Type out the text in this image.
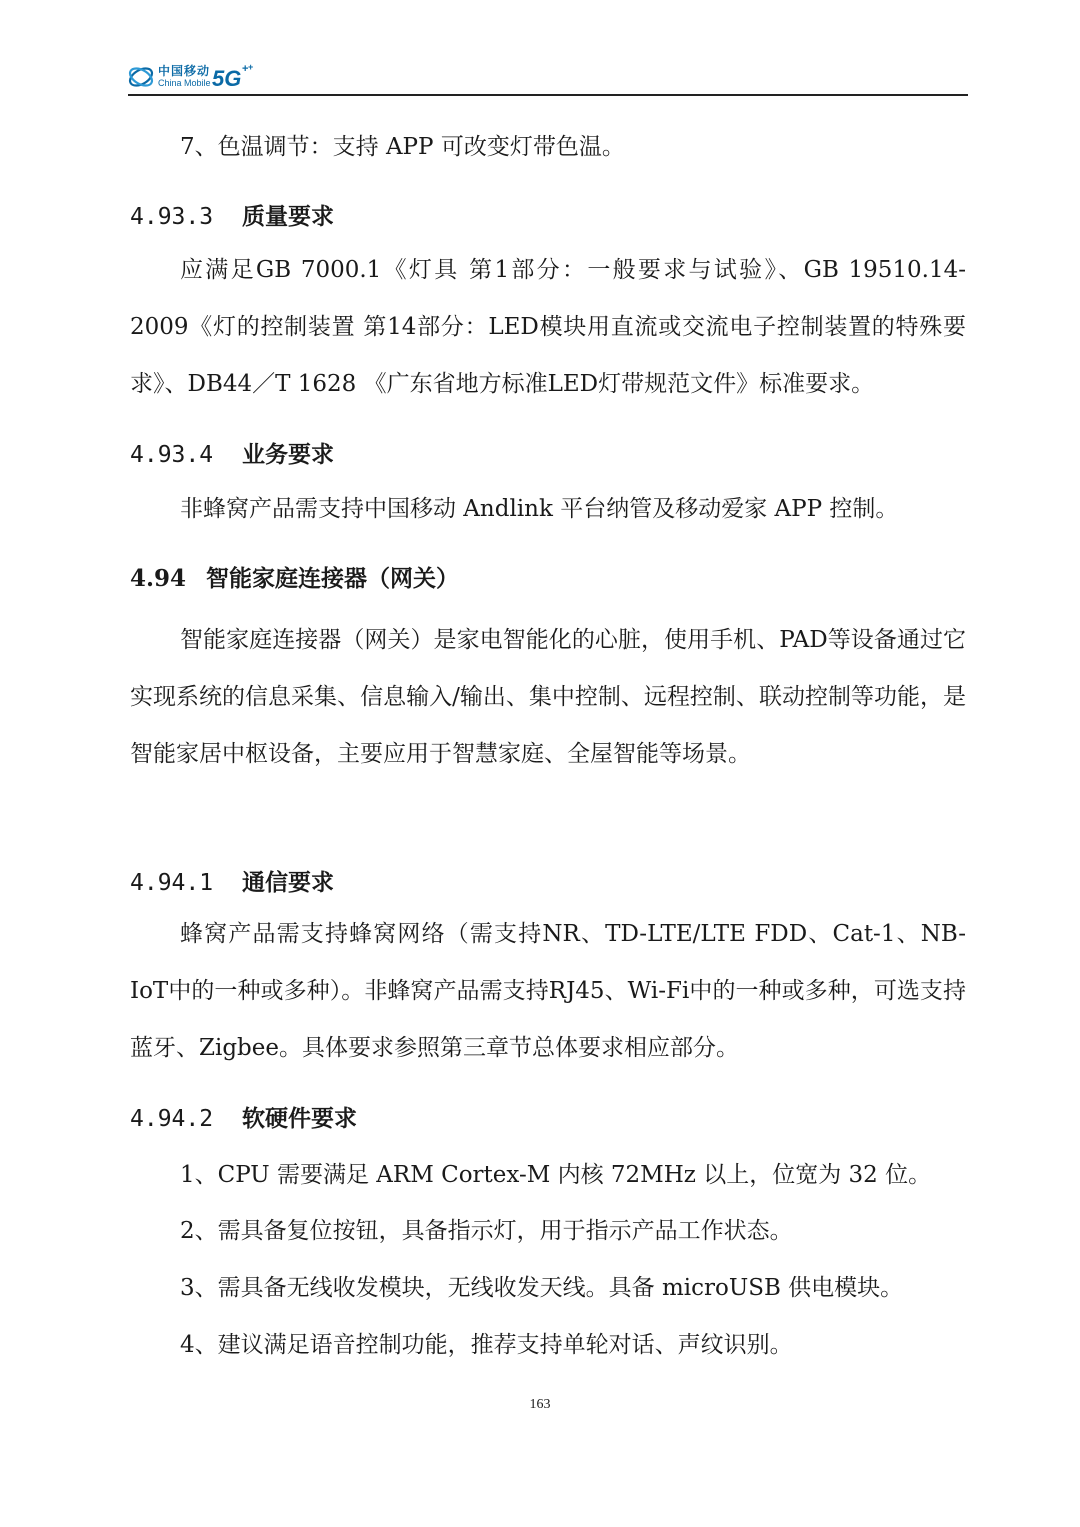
中国移动
China Mobile 5G + +

7、色温调节：支持 APP 可改变灯带色温。

4.93.3 质量要求

应满足GB 7000.1《灯具 第1部分：一般要求与试验》、GB 19510.14-2009《灯的控制装置 第14部分：LED模块用直流或交流电子控制装置的特殊要求》、DB44／T 1628 《广东省地方标准LED灯带规范文件》标准要求。

4.93.4 业务要求

非蜂窝产品需支持中国移动 Andlink 平台纳管及移动爱家 APP 控制。

4.94 智能家庭连接器（网关）

智能家庭连接器（网关）是家电智能化的心脏，使用手机、PAD等设备通过它实现系统的信息采集、信息输入/输出、集中控制、远程控制、联动控制等功能，是智能家居中枢设备，主要应用于智慧家庭、全屋智能等场景。

4.94.1 通信要求

蜂窝产品需支持蜂窝网络（需支持NR、TD-LTE/LTE FDD、Cat-1、NB-IoT中的一种或多种）。非蜂窝产品需支持RJ45、Wi-Fi中的一种或多种，可选支持蓝牙、Zigbee。具体要求参照第三章节总体要求相应部分。

4.94.2 软硬件要求

1、CPU 需要满足 ARM Cortex-M 内核 72MHz 以上，位宽为 32 位。

2、需具备复位按钮，具备指示灯，用于指示产品工作状态。

3、需具备无线收发模块，无线收发天线。具备 microUSB 供电模块。

4、建议满足语音控制功能，推荐支持单轮对话、声纹识别。

163
